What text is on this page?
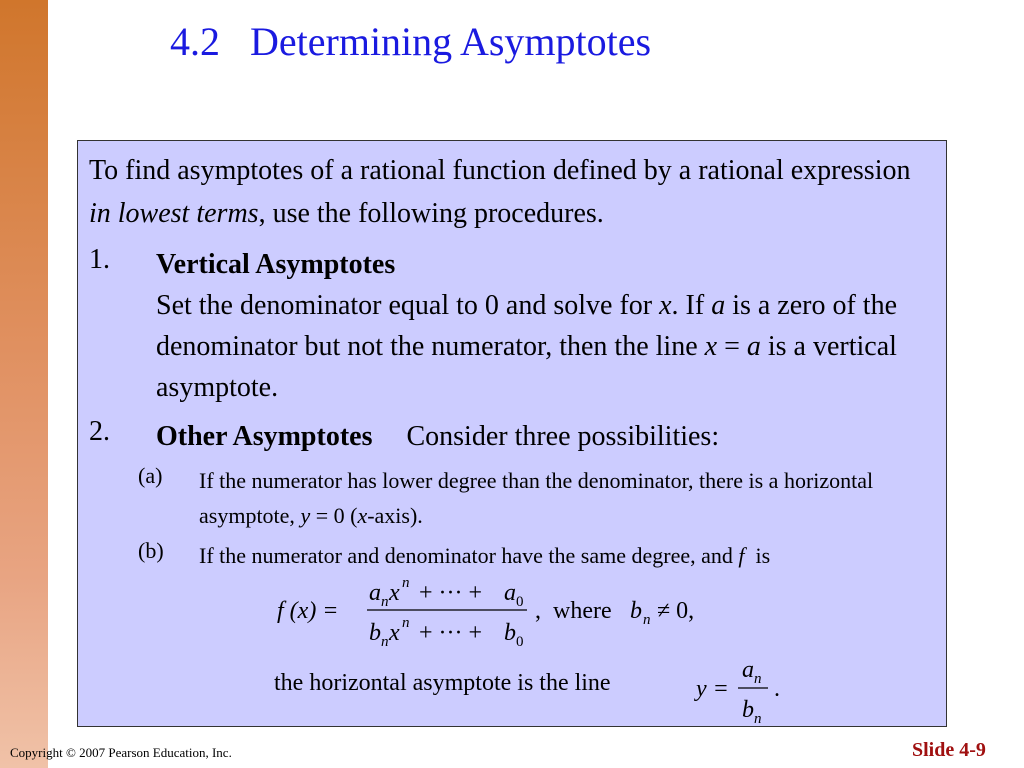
4.2 Determining Asymptotes

To find asymptotes of a rational function defined by a rational expression in lowest terms, use the following procedures.

1. Vertical Asymptotes
Set the denominator equal to 0 and solve for x. If a is a zero of the denominator but not the numerator, then the line x = a is a vertical asymptote.
2. Other Asymptotes Consider three possibilities:
(a) If the numerator has lower degree than the denominator, there is a horizontal asymptote, y = 0 (x-axis).
(b) If the numerator and denominator have the same degree, and f  is
f (x) =
a n x n + ··· + a 0
b n x n + ··· + b 0
, where b n ≠ 0,
the horizontal asymptote is the line	y =
a n
b n
.
Copyright © 2007 Pearson Education, Inc.	Slide 4-9
